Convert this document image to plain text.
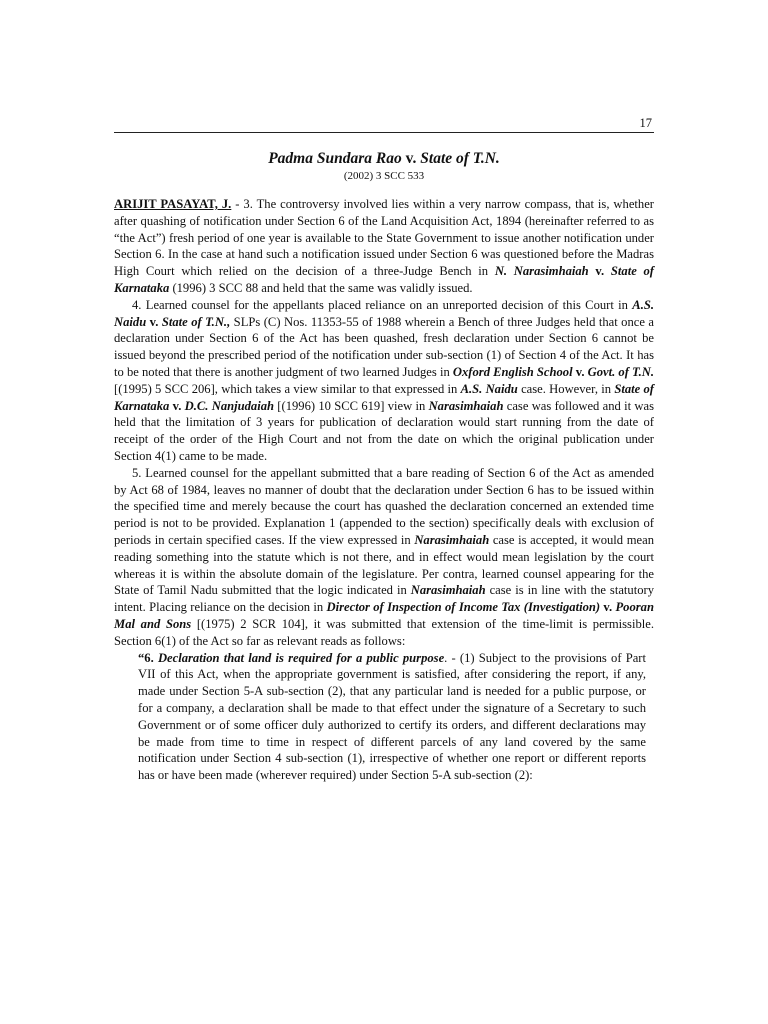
17
Padma Sundara Rao v. State of T.N.
(2002) 3 SCC 533

ARIJIT PASAYAT, J. - 3. The controversy involved lies within a very narrow compass, that is, whether after quashing of notification under Section 6 of the Land Acquisition Act, 1894 (hereinafter referred to as “the Act”) fresh period of one year is available to the State Government to issue another notification under Section 6. In the case at hand such a notification issued under Section 6 was questioned before the Madras High Court which relied on the decision of a three-Judge Bench in N. Narasimhaiah v. State of Karnataka (1996) 3 SCC 88 and held that the same was validly issued.

4. Learned counsel for the appellants placed reliance on an unreported decision of this Court in A.S. Naidu v. State of T.N., SLPs (C) Nos. 11353-55 of 1988 wherein a Bench of three Judges held that once a declaration under Section 6 of the Act has been quashed, fresh declaration under Section 6 cannot be issued beyond the prescribed period of the notification under sub-section (1) of Section 4 of the Act. It has to be noted that there is another judgment of two learned Judges in Oxford English School v. Govt. of T.N. [(1995) 5 SCC 206], which takes a view similar to that expressed in A.S. Naidu case. However, in State of Karnataka v. D.C. Nanjudaiah [(1996) 10 SCC 619] view in Narasimhaiah case was followed and it was held that the limitation of 3 years for publication of declaration would start running from the date of receipt of the order of the High Court and not from the date on which the original publication under Section 4(1) came to be made.

5. Learned counsel for the appellant submitted that a bare reading of Section 6 of the Act as amended by Act 68 of 1984, leaves no manner of doubt that the declaration under Section 6 has to be issued within the specified time and merely because the court has quashed the declaration concerned an extended time period is not to be provided. Explanation 1 (appended to the section) specifically deals with exclusion of periods in certain specified cases. If the view expressed in Narasimhaiah case is accepted, it would mean reading something into the statute which is not there, and in effect would mean legislation by the court whereas it is within the absolute domain of the legislature. Per contra, learned counsel appearing for the State of Tamil Nadu submitted that the logic indicated in Narasimhaiah case is in line with the statutory intent. Placing reliance on the decision in Director of Inspection of Income Tax (Investigation) v. Pooran Mal and Sons [(1975) 2 SCR 104], it was submitted that extension of the time-limit is permissible. Section 6(1) of the Act so far as relevant reads as follows:

“6. Declaration that land is required for a public purpose. - (1) Subject to the provisions of Part VII of this Act, when the appropriate government is satisfied, after considering the report, if any, made under Section 5-A sub-section (2), that any particular land is needed for a public purpose, or for a company, a declaration shall be made to that effect under the signature of a Secretary to such Government or of some officer duly authorized to certify its orders, and different declarations may be made from time to time in respect of different parcels of any land covered by the same notification under Section 4 sub-section (1), irrespective of whether one report or different reports has or have been made (wherever required) under Section 5-A sub-section (2):
